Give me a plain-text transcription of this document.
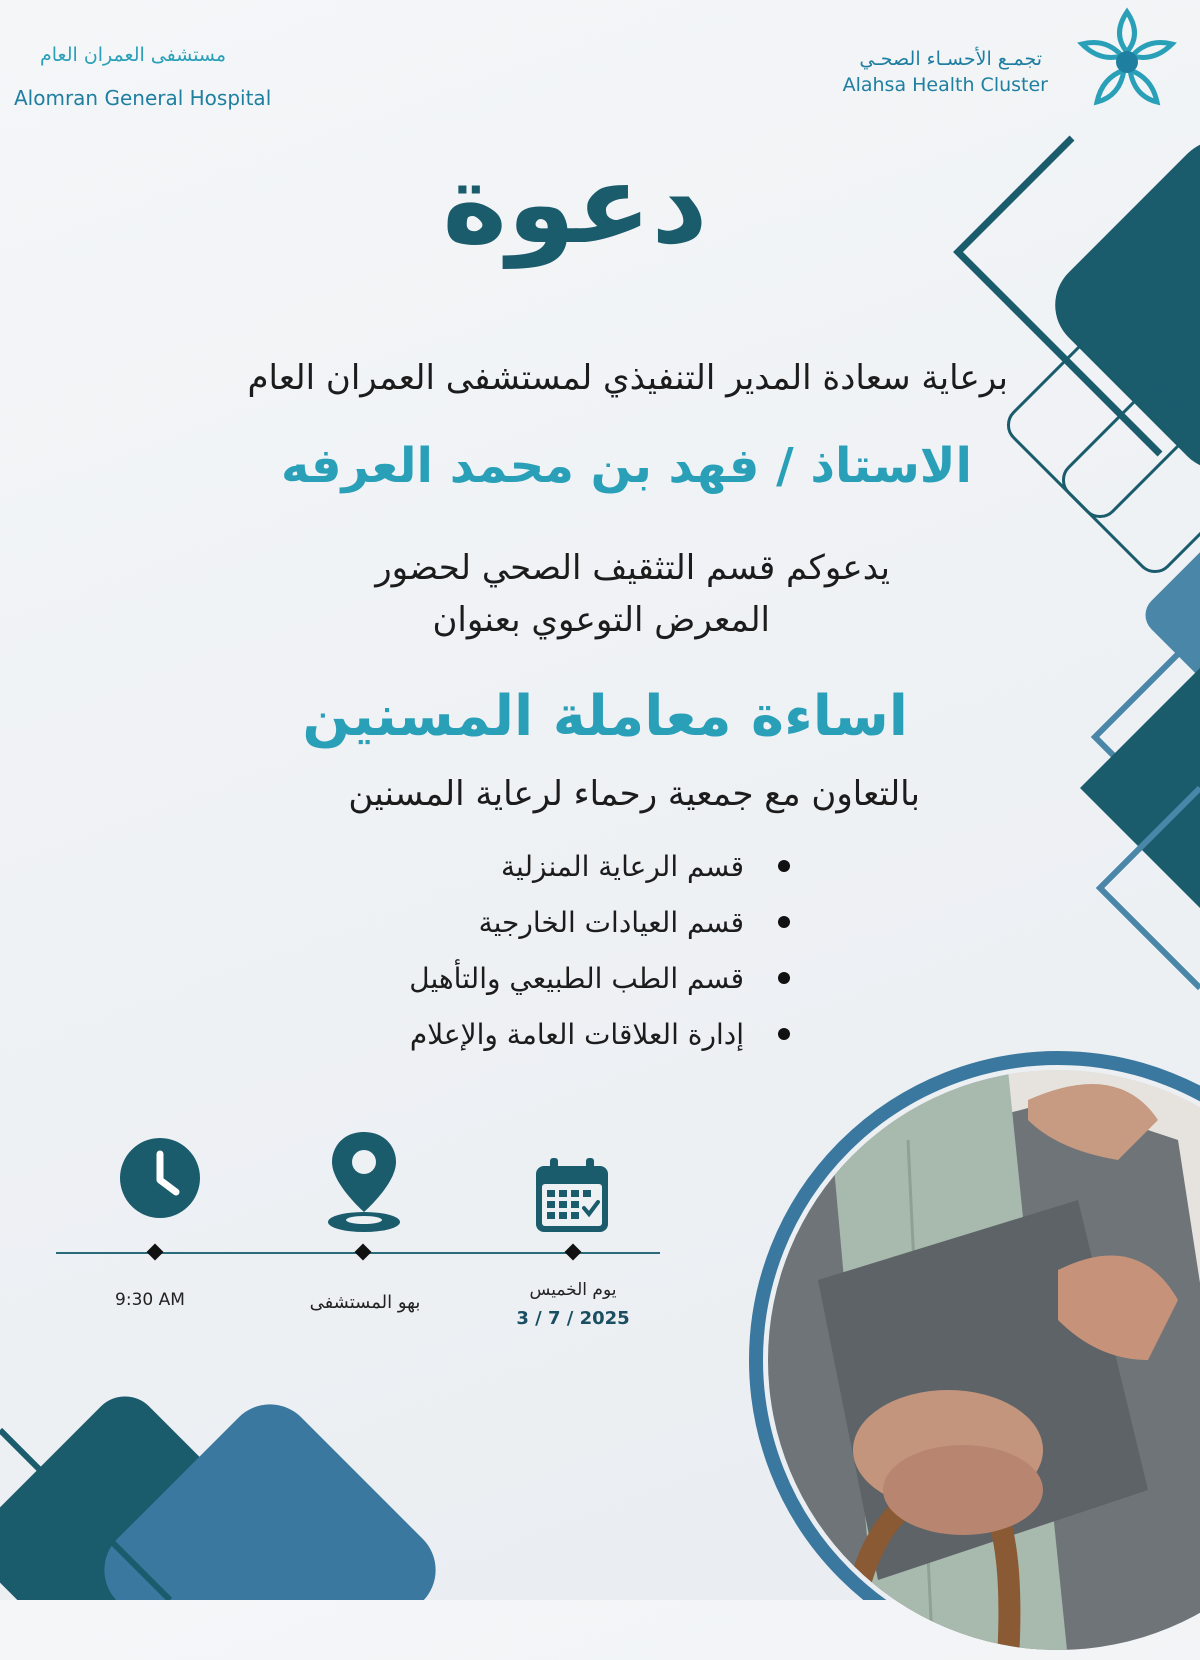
مستشفى العمران العام
Alomran General Hospital
تجمـع الأحسـاء الصحـي
Alahsa Health Cluster
دعوة
برعاية سعادة المدير التنفيذي لمستشفى العمران العام
الاستاذ / فهد بن محمد العرفه
يدعوكم قسم التثقيف الصحي لحضور
المعرض التوعوي بعنوان
اساءة معاملة المسنين
بالتعاون مع جمعية رحماء لرعاية المسنين
قسم الرعاية المنزلية
قسم العيادات الخارجية
قسم الطب الطبيعي والتأهيل
إدارة العلاقات العامة والإعلام
يوم الخميس
3 / 7 / 2025
بهو المستشفى
9:30 AM
